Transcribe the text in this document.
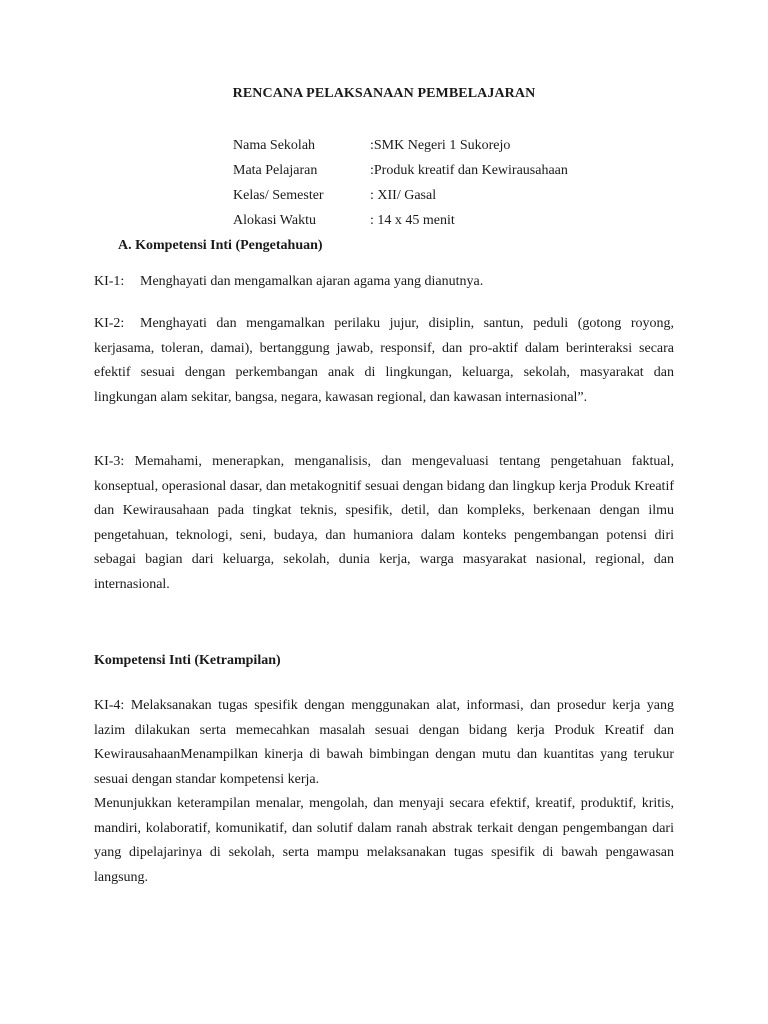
RENCANA PELAKSANAAN PEMBELAJARAN
Nama Sekolah	:SMK Negeri 1 Sukorejo
Mata Pelajaran	:Produk kreatif dan Kewirausahaan
Kelas/ Semester	: XII/ Gasal
Alokasi Waktu	: 14 x 45 menit
A. Kompetensi Inti (Pengetahuan)
KI-1: Menghayati dan mengamalkan ajaran agama yang dianutnya.

KI-2: Menghayati dan mengamalkan perilaku jujur, disiplin, santun, peduli (gotong royong, kerjasama, toleran, damai), bertanggung jawab, responsif, dan pro-aktif dalam berinteraksi secara efektif sesuai dengan perkembangan anak di lingkungan, keluarga, sekolah, masyarakat dan lingkungan alam sekitar, bangsa, negara, kawasan regional, dan kawasan internasional”.

KI-3: Memahami, menerapkan, menganalisis, dan mengevaluasi tentang pengetahuan faktual, konseptual, operasional dasar, dan metakognitif sesuai dengan bidang dan lingkup kerja Produk Kreatif dan Kewirausahaan pada tingkat teknis, spesifik, detil, dan kompleks, berkenaan dengan ilmu pengetahuan, teknologi, seni, budaya, dan humaniora dalam konteks pengembangan potensi diri sebagai bagian dari keluarga, sekolah, dunia kerja, warga masyarakat nasional, regional, dan internasional.

Kompetensi Inti (Ketrampilan)

KI-4: Melaksanakan tugas spesifik dengan menggunakan alat, informasi, dan prosedur kerja yang lazim dilakukan serta memecahkan masalah sesuai dengan bidang kerja Produk Kreatif dan KewirausahaanMenampilkan kinerja di bawah bimbingan dengan mutu dan kuantitas yang terukur sesuai dengan standar kompetensi kerja.

Menunjukkan keterampilan menalar, mengolah, dan menyaji secara efektif, kreatif, produktif, kritis, mandiri, kolaboratif, komunikatif, dan solutif dalam ranah abstrak terkait dengan pengembangan dari yang dipelajarinya di sekolah, serta mampu melaksanakan tugas spesifik di bawah pengawasan langsung.
